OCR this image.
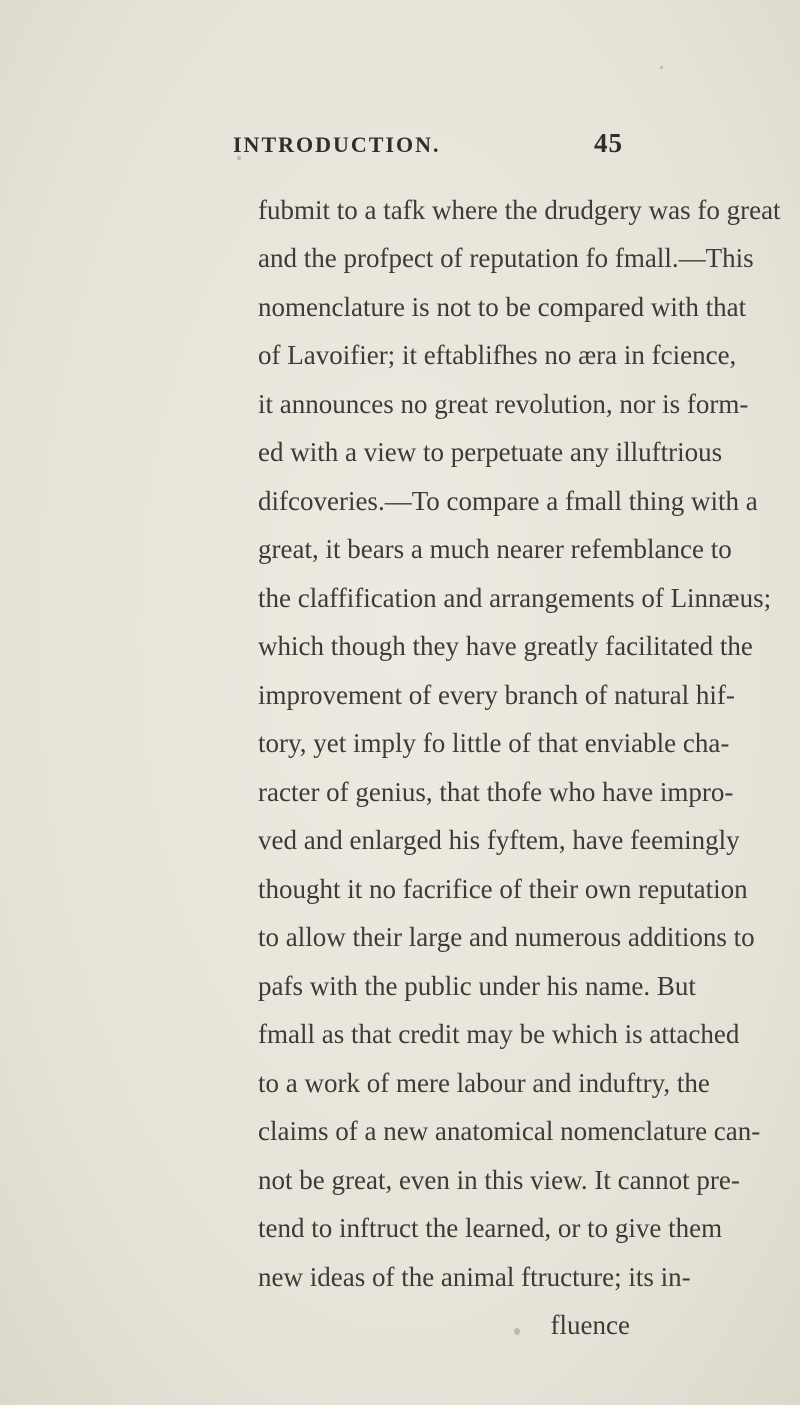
INTRODUCTION.	45
fubmit to a tafk where the drudgery was fo great
and the profpect of reputation fo fmall.—This
nomenclature is not to be compared with that
of Lavoifier; it eftablifhes no æra in fcience,
it announces no great revolution, nor is form-
ed with a view to perpetuate any illuftrious
difcoveries.—To compare a fmall thing with a
great, it bears a much nearer refemblance to
the claffification and arrangements of Linnæus;
which though they have greatly facilitated the
improvement of every branch of natural hif-
tory, yet imply fo little of that enviable cha-
racter of genius, that thofe who have impro-
ved and enlarged his fyftem, have feemingly
thought it no facrifice of their own reputation
to allow their large and numerous additions to
pafs with the public under his name. But
fmall as that credit may be which is attached
to a work of mere labour and induftry, the
claims of a new anatomical nomenclature can-
not be great, even in this view. It cannot pre-
tend to inftruct the learned, or to give them
new ideas of the animal ftructure; its in-
fluence
